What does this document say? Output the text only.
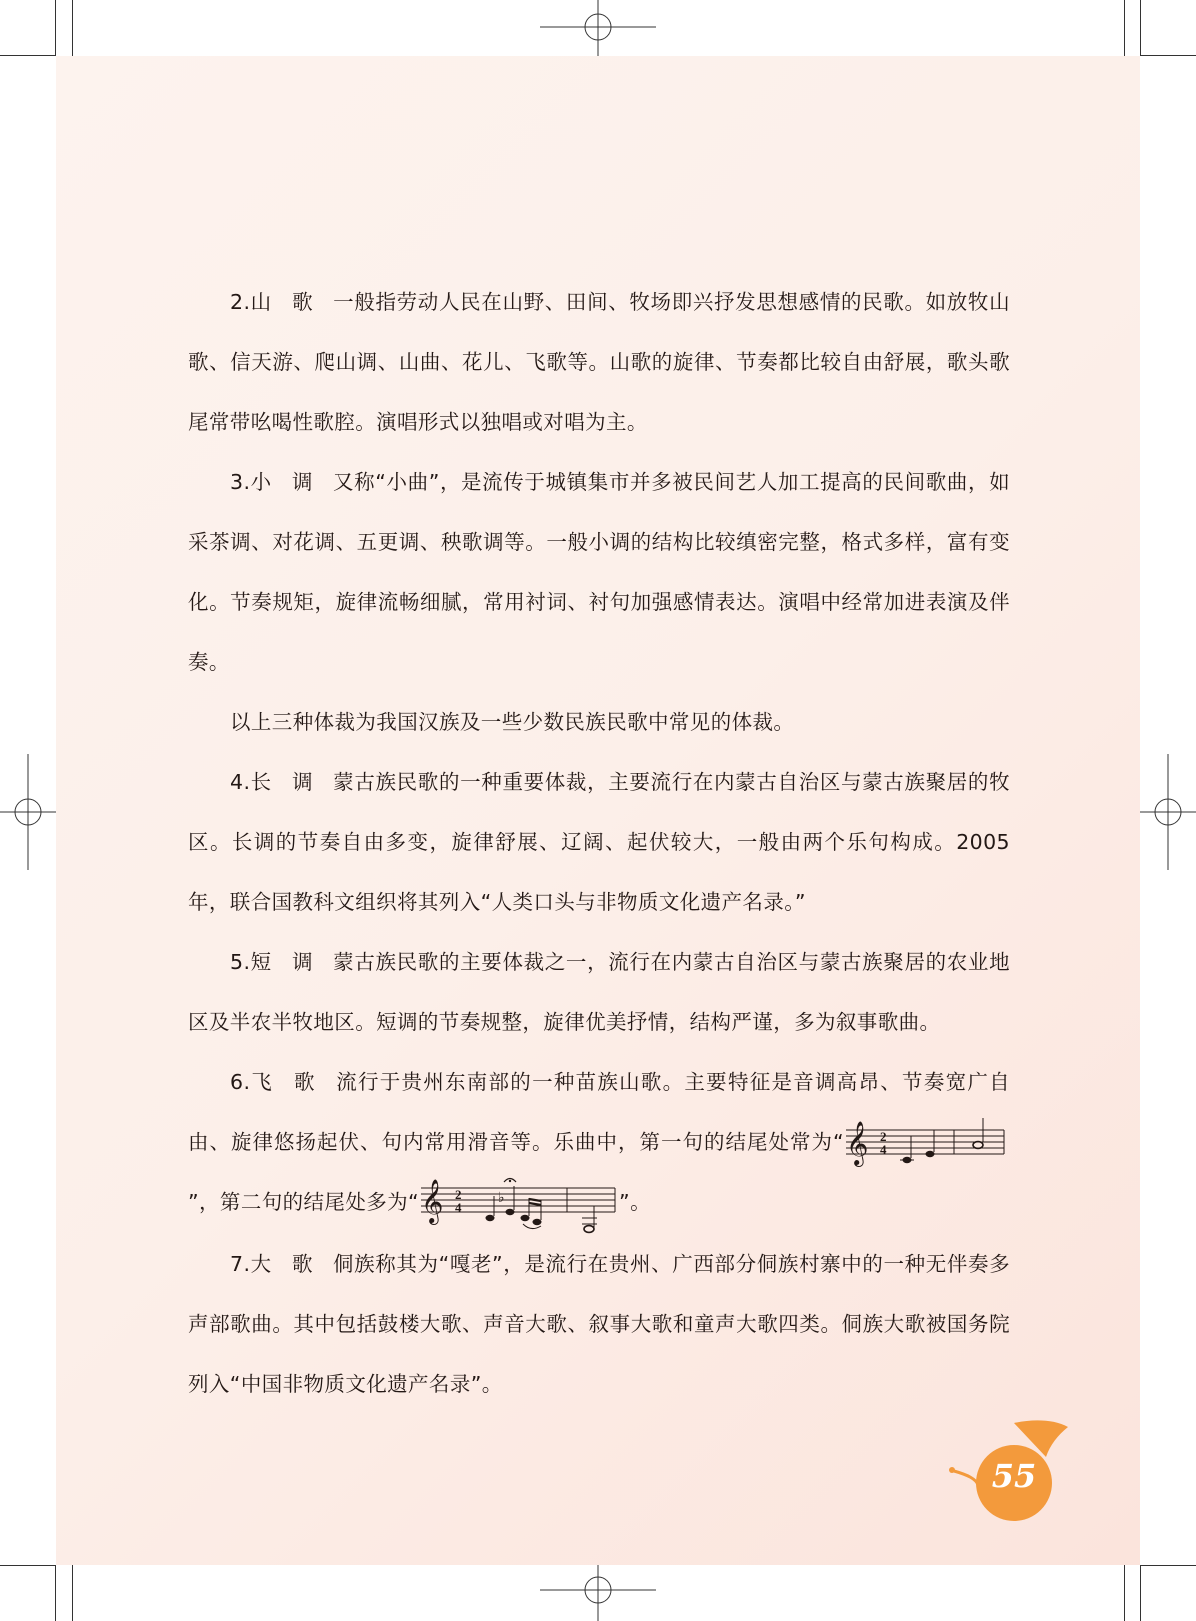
2.山　歌 一般指劳动人民在山野、田间、牧场即兴抒发思想感情的民歌。如放牧山歌、信天游、爬山调、山曲、花儿、飞歌等。山歌的旋律、节奏都比较自由舒展，歌头歌尾常带吆喝性歌腔。演唱形式以独唱或对唱为主。

3.小　调 又称“小曲”，是流传于城镇集市并多被民间艺人加工提高的民间歌曲，如采茶调、对花调、五更调、秧歌调等。一般小调的结构比较缜密完整，格式多样，富有变化。节奏规矩，旋律流畅细腻，常用衬词、衬句加强感情表达。演唱中经常加进表演及伴奏。

以上三种体裁为我国汉族及一些少数民族民歌中常见的体裁。

4.长　调 蒙古族民歌的一种重要体裁，主要流行在内蒙古自治区与蒙古族聚居的牧区。长调的节奏自由多变，旋律舒展、辽阔、起伏较大，一般由两个乐句构成。2005年，联合国教科文组织将其列入“人类口头与非物质文化遗产名录。”

5.短　调 蒙古族民歌的主要体裁之一，流行在内蒙古自治区与蒙古族聚居的农业地区及半农半牧地区。短调的节奏规整，旋律优美抒情，结构严谨，多为叙事歌曲。

6.飞　歌 流行于贵州东南部的一种苗族山歌。主要特征是音调高昂、节奏宽广自由、旋律悠扬起伏、句内常用滑音等。乐曲中，第一句的结尾处常为“ 𝄞 2
4
”，第二句的结尾处多为“ 𝄞 2
4
♭	”。

7.大　歌 侗族称其为“嘎老”，是流行在贵州、广西部分侗族村寨中的一种无伴奏多声部歌曲。其中包括鼓楼大歌、声音大歌、叙事大歌和童声大歌四类。侗族大歌被国务院列入“中国非物质文化遗产名录”。

55
